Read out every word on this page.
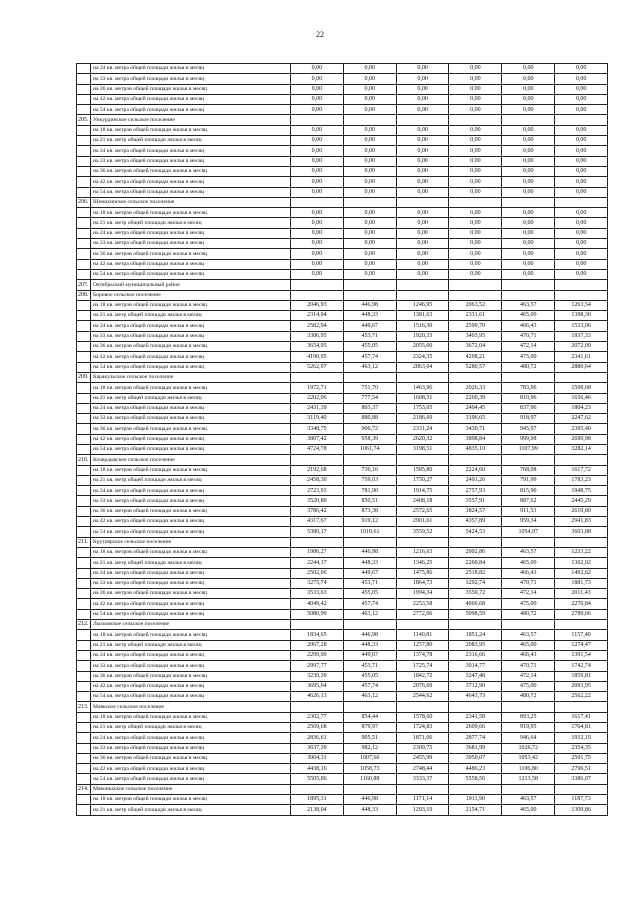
22
	на 24 кв. метра общей площади жилья в месяц	0,00	0,00	0,00	0,00	0,00	0,00
	на 33 кв. метра общей площади жилья в месяц	0,00	0,00	0,00	0,00	0,00	0,00
	на 36 кв. метров общей площади жилья в месяц	0,00	0,00	0,00	0,00	0,00	0,00
	на 42 кв. метра общей площади жилья в месяц	0,00	0,00	0,00	0,00	0,00	0,00
	на 54 кв. метра общей площади жилья в месяц	0,00	0,00	0,00	0,00	0,00	0,00
205.	Ункурдинское сельское поселение						
	на 18 кв. метров общей площади жилья в месяц	0,00	0,00	0,00	0,00	0,00	0,00
	на 21 кв. метр общей площади жилья в месяц	0,00	0,00	0,00	0,00	0,00	0,00
	на 24 кв. метра общей площади жилья в месяц	0,00	0,00	0,00	0,00	0,00	0,00
	на 33 кв. метра общей площади жилья в месяц	0,00	0,00	0,00	0,00	0,00	0,00
	на 36 кв. метров общей площади жилья в месяц	0,00	0,00	0,00	0,00	0,00	0,00
	на 42 кв. метра общей площади жилья в месяц	0,00	0,00	0,00	0,00	0,00	0,00
	на 54 кв. метра общей площади жилья в месяц	0,00	0,00	0,00	0,00	0,00	0,00
206.	Шемахинское сельское поселение						
	на 18 кв. метров общей площади жилья в месяц	0,00	0,00	0,00	0,00	0,00	0,00
	на 21 кв. метр общей площади жилья в месяц	0,00	0,00	0,00	0,00	0,00	0,00
	на 24 кв. метра общей площади жилья в месяц	0,00	0,00	0,00	0,00	0,00	0,00
	на 33 кв. метра общей площади жилья в месяц	0,00	0,00	0,00	0,00	0,00	0,00
	на 36 кв. метров общей площади жилья в месяц	0,00	0,00	0,00	0,00	0,00	0,00
	на 42 кв. метра общей площади жилья в месяц	0,00	0,00	0,00	0,00	0,00	0,00
	на 54 кв. метра общей площади жилья в месяц	0,00	0,00	0,00	0,00	0,00	0,00
207.	Октябрьский муниципальный район						
208.	Боровое сельское поселение						
	на 18 кв. метров общей площади жилья в месяц	2046,93	446,98	1246,95	2063,52	463,57	1263,54
	на 21 кв. метр общей площади жилья в месяц	2314,94	448,33	1381,63	2331,61	465,00	1398,30
	на 24 кв. метра общей площади жилья в месяц	2582,94	449,67	1516,30	2599,70	466,43	1533,06
	на 33 кв. метра общей площади жилья в месяц	3386,95	453,71	1920,33	3403,95	470,71	1937,33
	на 36 кв. метров общей площади жилья в месяц	3654,95	455,05	2055,00	3672,04	472,14	2072,09
	на 42 кв. метра общей площади жилья в месяц	4190,95	457,74	2324,35	4208,21	475,00	2341,61
	на 54 кв. метра общей площади жилья в месяц	5262,97	463,12	2863,04	5280,57	480,72	2880,64
209.	Каракульское сельское поселение						
	на 18 кв. метров общей площади жилья в месяц	1972,71	751,70	1463,96	2026,33	783,96	1508,68
	на 21 кв. метр общей площади жилья в месяц	2202,06	777,54	1608,51	2260,39	810,96	1656,46
	на 24 кв. метра общей площади жилья в месяц	2431,39	803,37	1753,05	2494,45	837,96	1804,23
	на 33 кв. метра общей площади жилья в месяц	3119,40	880,88	2186,69	3196,65	918,97	2247,62
	на 36 кв. метров общей площади жилья в месяц	3348,75	906,72	2331,24	3430,71	945,97	2395,40
	на 42 кв. метра общей площади жилья в месяц	3807,42	958,39	2620,32	3898,84	999,98	2690,98
	на 54 кв. метра общей площади жилья в месяц	4724,78	1061,74	3198,51	4835,10	1107,99	3282,14
210.	Кочердыкское сельское поселение						
	на 18 кв. метров общей площади жилья в месяц	2192,68	736,16	1585,80	2224,60	768,08	1617,72
	на 21 кв. метр общей площади жилья в месяц	2458,30	759,03	1750,27	2491,26	791,99	1783,23
	на 24 кв. метра общей площади жилья в месяц	2723,93	781,90	1914,75	2757,93	815,90	1948,75
	на 33 кв. метра общей площади жилья в месяц	3520,80	850,51	2408,18	3557,91	887,62	2445,29
	на 36 кв. метров общей площади жилья в месяц	3786,42	873,38	2572,65	3824,57	911,53	2610,80
	на 42 кв. метра общей площади жилья в месяц	4317,67	919,12	2901,61	4357,89	959,34	2941,83
	на 54 кв. метра общей площади жилья в месяц	5380,17	1010,61	3559,52	5424,53	1054,97	3603,88
211.	Крутоярское сельское поселение						
	на 18 кв. метров общей площади жилья в месяц	1986,27	446,98	1216,63	2002,86	463,57	1233,22
	на 21 кв. метр общей площади жилья в месяц	2244,17	448,33	1346,25	2260,84	465,00	1362,92
	на 24 кв. метра общей площади жилья в месяц	2502,06	449,67	1475,86	2518,82	466,43	1492,62
	на 33 кв. метра общей площади жилья в месяц	3275,74	453,71	1864,73	3292,74	470,71	1881,73
	на 36 кв. метров общей площади жилья в месяц	3533,63	455,05	1994,34	3550,72	472,14	2011,43
	на 42 кв. метра общей площади жилья в месяц	4049,42	457,74	2253,58	4066,68	475,00	2270,84
	на 54 кв. метра общей площади жилья в месяц	5080,99	463,12	2772,06	5098,59	480,72	2789,66
212.	Лысковское сельское поселение						
	на 18 кв. метров общей площади жилья в месяц	1834,65	446,98	1140,81	1851,24	463,57	1157,40
	на 21 кв. метр общей площади жилья в месяц	2067,28	448,33	1257,80	2083,95	465,00	1274,47
	на 24 кв. метра общей площади жилья в месяц	2299,90	449,67	1374,78	2316,66	466,43	1391,54
	на 33 кв. метра общей площади жилья в месяц	2997,77	453,71	1725,74	3014,77	470,71	1742,74
	на 36 кв. метров общей площади жилья в месяц	3230,39	455,05	1842,72	3247,48	472,14	1859,81
	на 42 кв. метра общей площади жилья в месяц	3695,64	457,74	2076,69	3712,90	475,00	2093,95
	на 54 кв. метра общей площади жилья в месяц	4626,13	463,12	2544,62	4643,73	480,72	2562,22
213.	Маякское сельское поселение						
	на 18 кв. метров общей площади жилья в месяц	2302,77	854,44	1578,60	2341,58	893,25	1617,41
	на 21 кв. метр общей площади жилья в месяц	2569,68	879,97	1724,83	2609,66	919,95	1764,81
	на 24 кв. метра общей площади жилья в месяц	2836,61	905,51	1871,06	2877,74	946,64	1912,19
	на 33 кв. метра общей площади жилья в месяц	3637,39	982,12	2309,75	3681,99	1026,72	2354,35
	на 36 кв. метров общей площади жилья в месяц	3904,31	1007,66	2455,99	3950,07	1053,42	2501,75
	на 42 кв. метра общей площади жилья в месяц	4438,16	1058,73	2748,44	4486,23	1106,80	2796,51
	на 54 кв. метра общей площади жилья в месяц	5505,86	1160,88	3333,37	5558,56	1213,58	3386,07
214.	Мяконькское сельское поселение						
	на 18 кв. метров общей площади жилья в месяц	1895,31	446,98	1171,14	1911,90	463,57	1187,73
	на 21 кв. метр общей площади жилья в месяц	2138,04	448,33	1293,19	2154,71	465,00	1309,86
